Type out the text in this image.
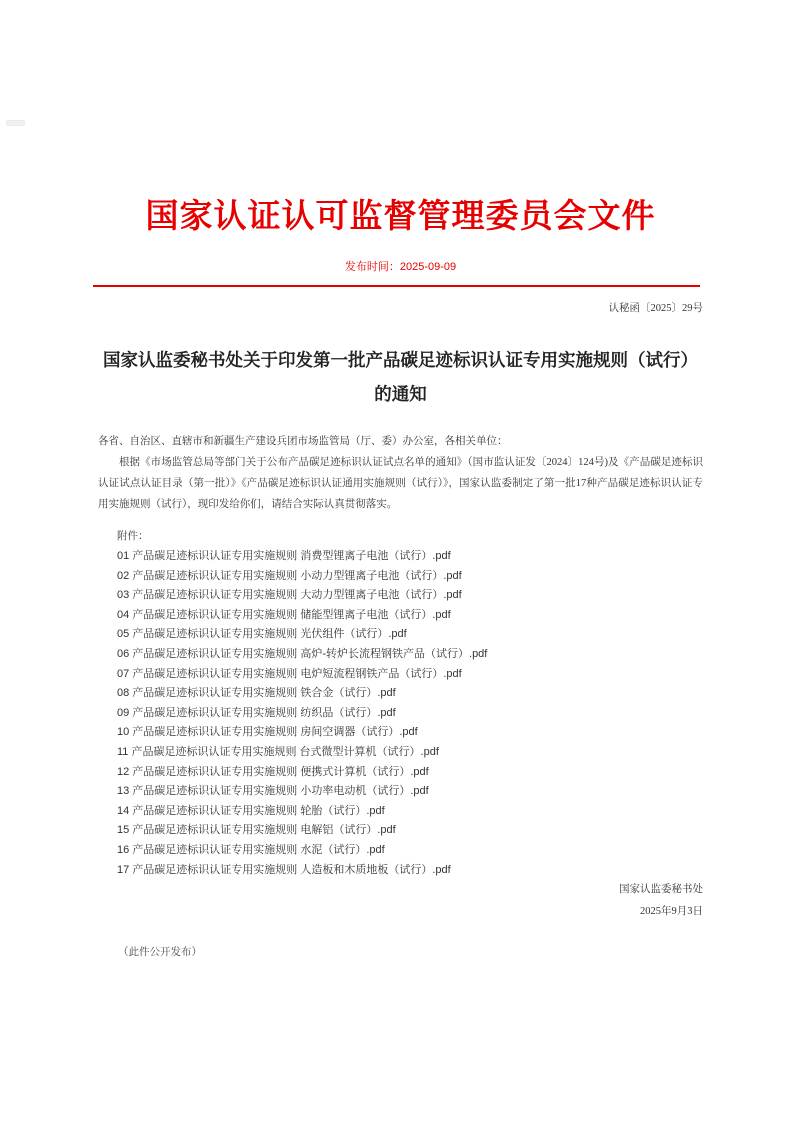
国家认证认可监督管理委员会文件
发布时间：2025-09-09
认秘函〔2025〕29号
国家认监委秘书处关于印发第一批产品碳足迹标识认证专用实施规则（试行）
的通知
各省、自治区、直辖市和新疆生产建设兵团市场监管局（厅、委）办公室，各相关单位：
根据《市场监管总局等部门关于公布产品碳足迹标识认证试点名单的通知》（国市监认证发〔2024〕124号)及《产品碳足迹标识认证试点认证目录（第一批）》《产品碳足迹标识认证通用实施规则（试行）》，国家认监委制定了第一批17种产品碳足迹标识认证专用实施规则（试行），现印发给你们，请结合实际认真贯彻落实。
附件：
01 产品碳足迹标识认证专用实施规则 消费型锂离子电池（试行）.pdf
02 产品碳足迹标识认证专用实施规则 小动力型锂离子电池（试行）.pdf
03 产品碳足迹标识认证专用实施规则 大动力型锂离子电池（试行）.pdf
04 产品碳足迹标识认证专用实施规则 储能型锂离子电池（试行）.pdf
05 产品碳足迹标识认证专用实施规则 光伏组件（试行）.pdf
06 产品碳足迹标识认证专用实施规则 高炉-转炉长流程钢铁产品（试行）.pdf
07 产品碳足迹标识认证专用实施规则 电炉短流程钢铁产品（试行）.pdf
08 产品碳足迹标识认证专用实施规则 铁合金（试行）.pdf
09 产品碳足迹标识认证专用实施规则 纺织品（试行）.pdf
10 产品碳足迹标识认证专用实施规则 房间空调器（试行）.pdf
11 产品碳足迹标识认证专用实施规则 台式微型计算机（试行）.pdf
12 产品碳足迹标识认证专用实施规则 便携式计算机（试行）.pdf
13 产品碳足迹标识认证专用实施规则 小功率电动机（试行）.pdf
14 产品碳足迹标识认证专用实施规则 轮胎（试行）.pdf
15 产品碳足迹标识认证专用实施规则 电解铝（试行）.pdf
16 产品碳足迹标识认证专用实施规则 水泥（试行）.pdf
17 产品碳足迹标识认证专用实施规则 人造板和木质地板（试行）.pdf
国家认监委秘书处
2025年9月3日
（此件公开发布）
